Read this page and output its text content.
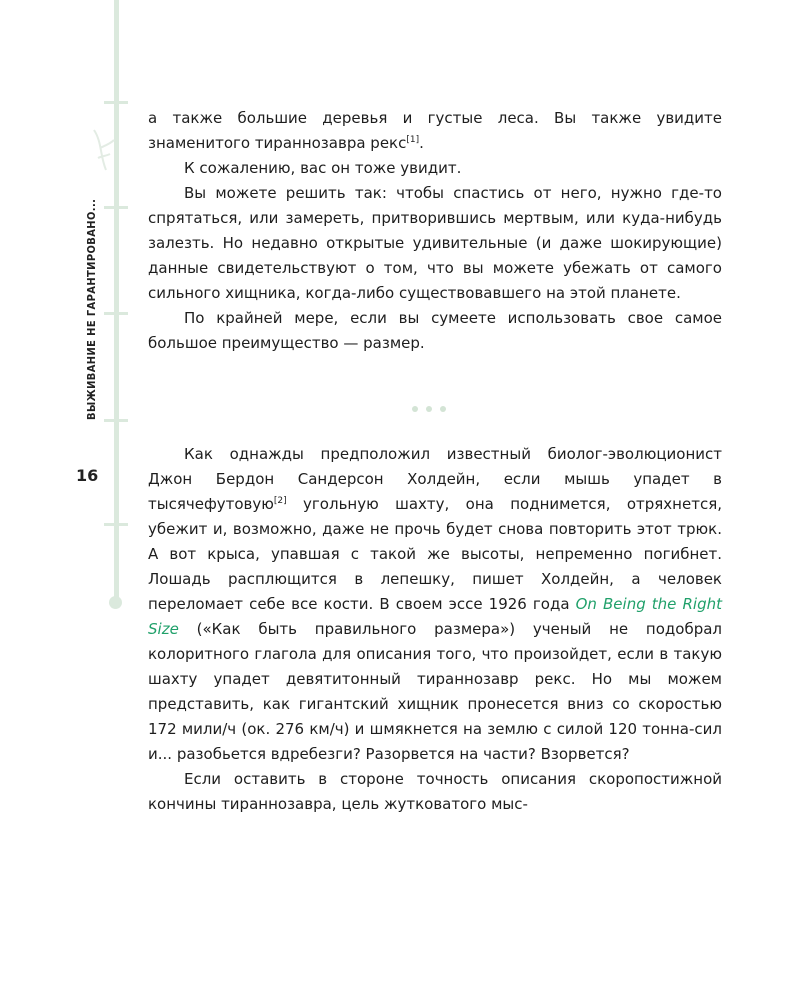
ВЫЖИВАНИЕ НЕ ГАРАНТИРОВАНО...
16

а также большие деревья и густые леса. Вы также увидите знаменитого тираннозавра рекс[1].

К сожалению, вас он тоже увидит.

Вы можете решить так: чтобы спастись от него, нужно где-то спрятаться, или замереть, притворившись мертвым, или куда-нибудь залезть. Но недавно открытые удивительные (и даже шокирующие) данные свидетельствуют о том, что вы можете убежать от самого сильного хищника, когда-либо существовавшего на этой планете.

По крайней мере, если вы сумеете использовать свое самое большое преимущество — размер.

Как однажды предположил известный биолог-эволюционист Джон Бердон Сандерсон Холдейн, если мышь упадет в тысячефутовую[2] угольную шахту, она поднимется, отряхнется, убежит и, возможно, даже не прочь будет снова повторить этот трюк. А вот крыса, упавшая с такой же высоты, непременно погибнет. Лошадь расплющится в лепешку, пишет Холдейн, а человек переломает себе все кости. В своем эссе 1926 года On Being the Right Size («Как быть правильного размера») ученый не подобрал колоритного глагола для описания того, что произойдет, если в такую шахту упадет девятитонный тираннозавр рекс. Но мы можем представить, как гигантский хищник пронесется вниз со скоростью 172 мили/ч (ок. 276 км/ч) и шмякнется на землю с силой 120 тонна-сил и... разобьется вдребезги? Разорвется на части? Взорвется?

Если оставить в стороне точность описания скоропостижной кончины тираннозавра, цель жутковатого мыс-
